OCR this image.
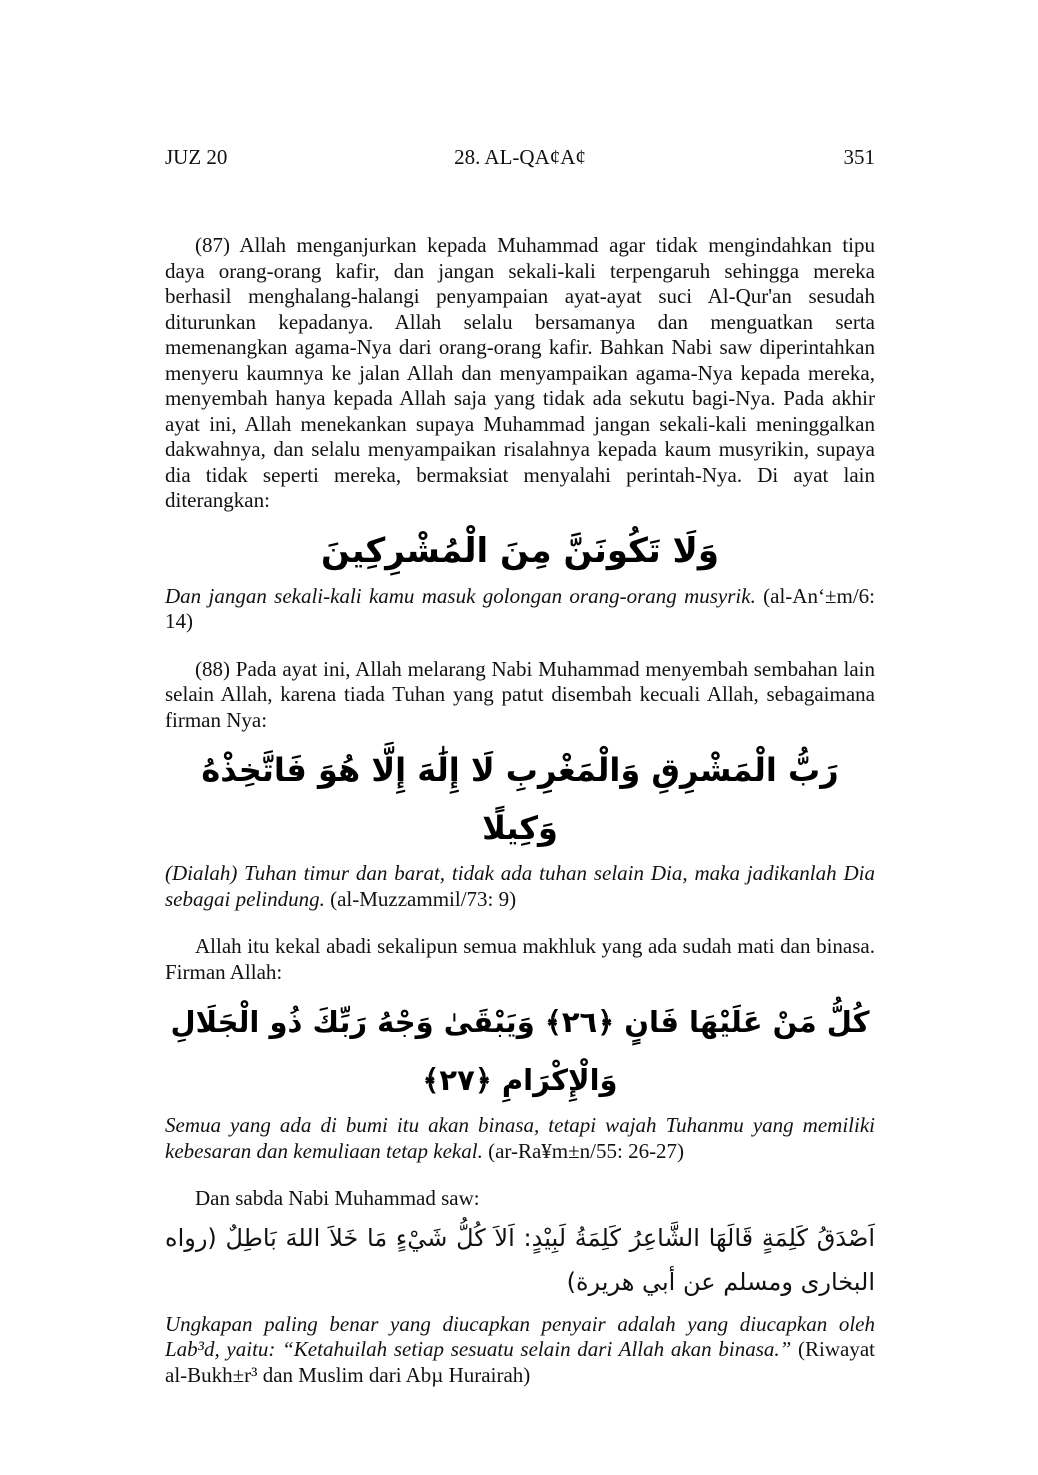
JUZ 20	28. AL-QA¢A¢	351

(87) Allah menganjurkan kepada Muhammad agar tidak mengindahkan tipu daya orang-orang kafir, dan jangan sekali-kali terpengaruh sehingga mereka berhasil menghalang-halangi penyampaian ayat-ayat suci Al-Qur'an sesudah diturunkan kepadanya. Allah selalu bersamanya dan menguatkan serta memenangkan agama-Nya dari orang-orang kafir. Bahkan Nabi saw diperintahkan menyeru kaumnya ke jalan Allah dan menyampaikan agama-Nya kepada mereka, menyembah hanya kepada Allah saja yang tidak ada sekutu bagi-Nya. Pada akhir ayat ini, Allah menekankan supaya Muhammad jangan sekali-kali meninggalkan dakwahnya, dan selalu menyampaikan risalahnya kepada kaum musyrikin, supaya dia tidak seperti mereka, bermaksiat menyalahi perintah-Nya. Di ayat lain diterangkan:

وَلَا تَكُونَنَّ مِنَ الْمُشْرِكِينَ

Dan jangan sekali-kali kamu masuk golongan orang-orang musyrik. (al-An‘±m/6: 14)

(88) Pada ayat ini, Allah melarang Nabi Muhammad menyembah sembahan lain selain Allah, karena tiada Tuhan yang patut disembah kecuali Allah, sebagaimana firman Nya:

رَبُّ الْمَشْرِقِ وَالْمَغْرِبِ لَا إِلَٰهَ إِلَّا هُوَ فَاتَّخِذْهُ وَكِيلًا

(Dialah) Tuhan timur dan barat, tidak ada tuhan selain Dia, maka jadikanlah Dia sebagai pelindung. (al-Muzzammil/73: 9)

Allah itu kekal abadi sekalipun semua makhluk yang ada sudah mati dan binasa. Firman Allah:

كُلُّ مَنْ عَلَيْهَا فَانٍ ﴿٢٦﴾ وَيَبْقَىٰ وَجْهُ رَبِّكَ ذُو الْجَلَالِ وَالْإِكْرَامِ ﴿٢٧﴾

Semua yang ada di bumi itu akan binasa, tetapi wajah Tuhanmu yang memiliki kebesaran dan kemuliaan tetap kekal. (ar-Ra¥m±n/55: 26-27)

Dan sabda Nabi Muhammad saw:

اَصْدَقُ كَلِمَةٍ قَالَهَا الشَّاعِرُ كَلِمَةُ لَبِيْدٍ: اَلاَ كُلُّ شَيْءٍ مَا خَلاَ اللهَ بَاطِلٌ (رواه البخارى ومسلم عن أبي هريرة)

Ungkapan paling benar yang diucapkan penyair adalah yang diucapkan oleh Lab³d, yaitu: “Ketahuilah setiap sesuatu selain dari Allah akan binasa.” (Riwayat al-Bukh±r³ dan Muslim dari Abµ Hurairah)
